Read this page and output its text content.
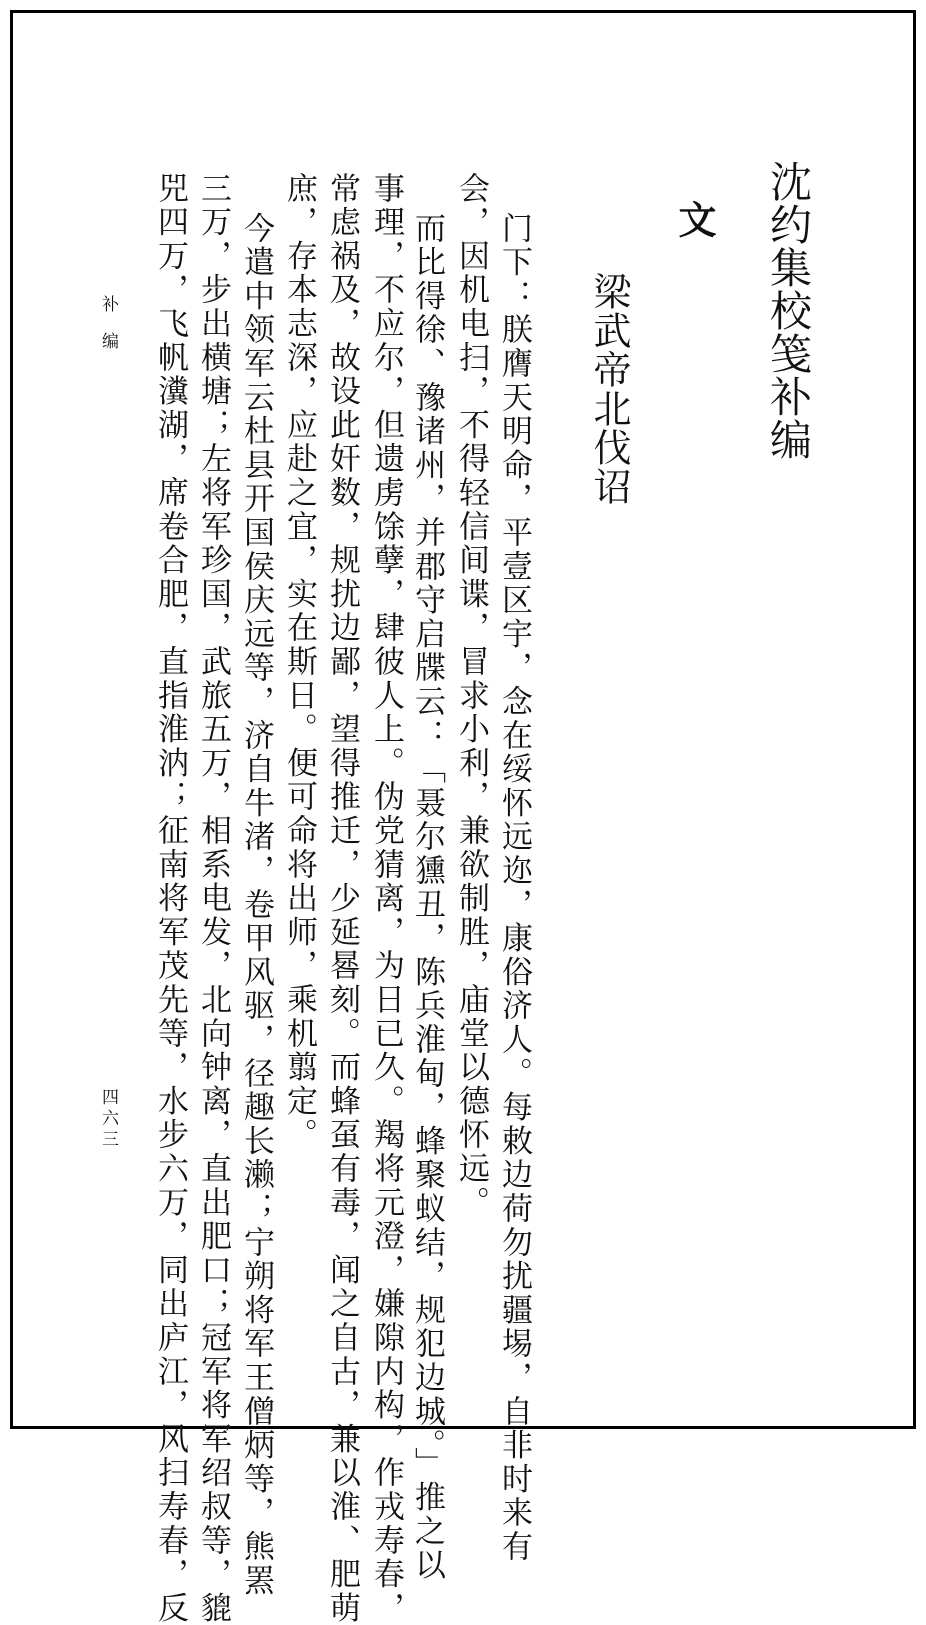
沈约集校笺补编
文
梁武帝北伐诏
门下：朕膺天明命，平壹区宇，念在绥怀远迩，康俗济人。每敕边荷勿扰疆埸，自非时来有
会，因机电扫，不得轻信间谍，冒求小利，兼欲制胜，庙堂以德怀远。
而比得徐、豫诸州，并郡守启牒云：「聂尔獯丑，陈兵淮甸，蜂聚蚁结，规犯边城。」推之以
事理，不应尔，但遗虏馀孽，肆彼人上。伪党猜离，为日已久。羯将元澄，嫌隙内构，作戎寿春，
常虑祸及，故设此奸数，规扰边鄙，望得推迁，少延晷刻。而蜂虿有毒，闻之自古，兼以淮、肥萌
庶，存本志深，应赴之宜，实在斯日。便可命将出师，乘机翦定。
今遣中领军云杜县开国侯庆远等，济自牛渚，卷甲风驱，径趣长濑；宁朔将军王僧炳等，熊罴
三万，步出横塘；左将军珍国，武旅五万，相系电发，北向钟离，直出肥口；冠军将军绍叔等，貔
兕四万，飞帆瀵湖，席卷合肥，直指淮汭；征南将军茂先等，水步六万，同出庐江，风扫寿春，反
补编
四六三
